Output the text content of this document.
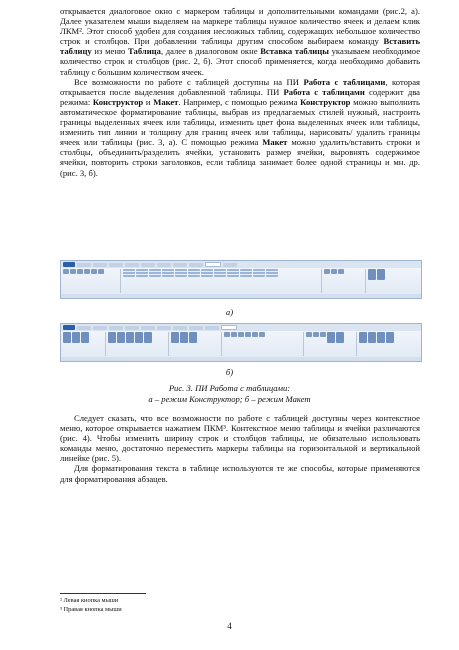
открывается диалоговое окно с маркером таблицы и дополнительными командами (рис.2, а). Далее указателем мыши выделяем на маркере таблицы нужное количество ячеек и делаем клик ЛКМ². Этот способ удобен для создания несложных таблиц, содержащих небольшое количество строк и столбцов. При добавлении таблицы другим способом выбираем команду Вставить таблицу из меню Таблица, далее в диалоговом окне Вставка таблицы указываем необходимое количество строк и столбцов (рис. 2, б). Этот способ применяется, когда необходимо добавить таблицу с большим количеством ячеек.

Все возможности по работе с таблицей доступны на ПИ Работа с таблицами, которая открывается после выделения добавленной таблицы. ПИ Работа с таблицами содержит два режима: Конструктор и Макет. Например, с помощью режима Конструктор можно выполнить автоматическое форматирование таблицы, выбрав из предлагаемых стилей нужный, настроить границы выделенных ячеек или таблицы, изменить цвет фона выделенных ячеек или таблицы, изменить тип линии и толщину для границ ячеек или таблицы, нарисовать/ удалить границы ячеек или таблицы (рис. 3, а). С помощью режима Макет можно удалить/вставить строки и столбцы, объединить/разделить ячейки, установить размер ячейки, выровнять содержимое ячейки, повторить строки заголовков, если таблица занимает более одной страницы и мн. др. (рис. 3, б).

а)
б)
Рис. 3. ПИ Работа с таблицами:
а – режим Конструктор; б – режим Макет

Следует сказать, что все возможности по работе с таблицей доступны через контекстное меню, которое открывается нажатием ПКМ³. Контекстное меню таблицы и ячейки различаются (рис. 4). Чтобы изменить ширину строк и столбцов таблицы, не обязательно использовать команды меню, достаточно переместить маркеры таблицы на горизонтальной и вертикальной линейке (рис. 5).

Для форматирования текста в таблице используются те же способы, которые применяются для форматирования абзацев.

² Левая кнопка мыши
³ Правая кнопка мыши
4
